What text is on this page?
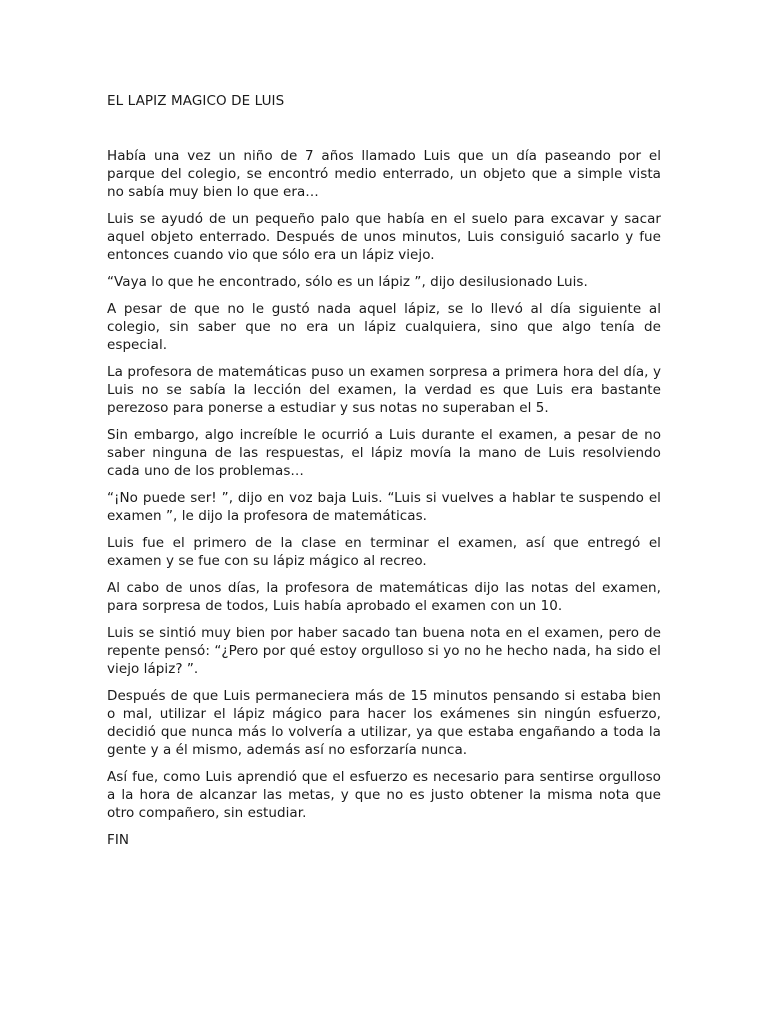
EL LAPIZ MAGICO DE LUIS

Había una vez un niño de 7 años llamado Luis que un día paseando por el parque del colegio, se encontró medio enterrado, un objeto que a simple vista no sabía muy bien lo que era…

Luis se ayudó de un pequeño palo que había en el suelo para excavar y sacar aquel objeto enterrado. Después de unos minutos, Luis consiguió sacarlo y fue entonces cuando vio que sólo era un lápiz viejo.

“Vaya lo que he encontrado, sólo es un lápiz ”, dijo desilusionado Luis.

A pesar de que no le gustó nada aquel lápiz, se lo llevó al día siguiente al colegio, sin saber que no era un lápiz cualquiera, sino que algo tenía de especial.

La profesora de matemáticas puso un examen sorpresa a primera hora del día, y Luis no se sabía la lección del examen, la verdad es que Luis era bastante perezoso para ponerse a estudiar y sus notas no superaban el 5.

Sin embargo, algo increíble le ocurrió a Luis durante el examen, a pesar de no saber ninguna de las respuestas, el lápiz movía la mano de Luis resolviendo cada uno de los problemas…

“¡No puede ser! ”, dijo en voz baja Luis. “Luis si vuelves a hablar te suspendo el examen ”, le dijo la profesora de matemáticas.

Luis fue el primero de la clase en terminar el examen, así que entregó el examen y se fue con su lápiz mágico al recreo.

Al cabo de unos días, la profesora de matemáticas dijo las notas del examen, para sorpresa de todos, Luis había aprobado el examen con un 10.

Luis se sintió muy bien por haber sacado tan buena nota en el examen, pero de repente pensó: “¿Pero por qué estoy orgulloso si yo no he hecho nada, ha sido el viejo lápiz? ”.

Después de que Luis permaneciera más de 15 minutos pensando si estaba bien o mal, utilizar el lápiz mágico para hacer los exámenes sin ningún esfuerzo, decidió que nunca más lo volvería a utilizar, ya que estaba engañando a toda la gente y a él mismo, además así no esforzaría nunca.

Así fue, como Luis aprendió que el esfuerzo es necesario para sentirse orgulloso a la hora de alcanzar las metas, y que no es justo obtener la misma nota que otro compañero, sin estudiar.

FIN
